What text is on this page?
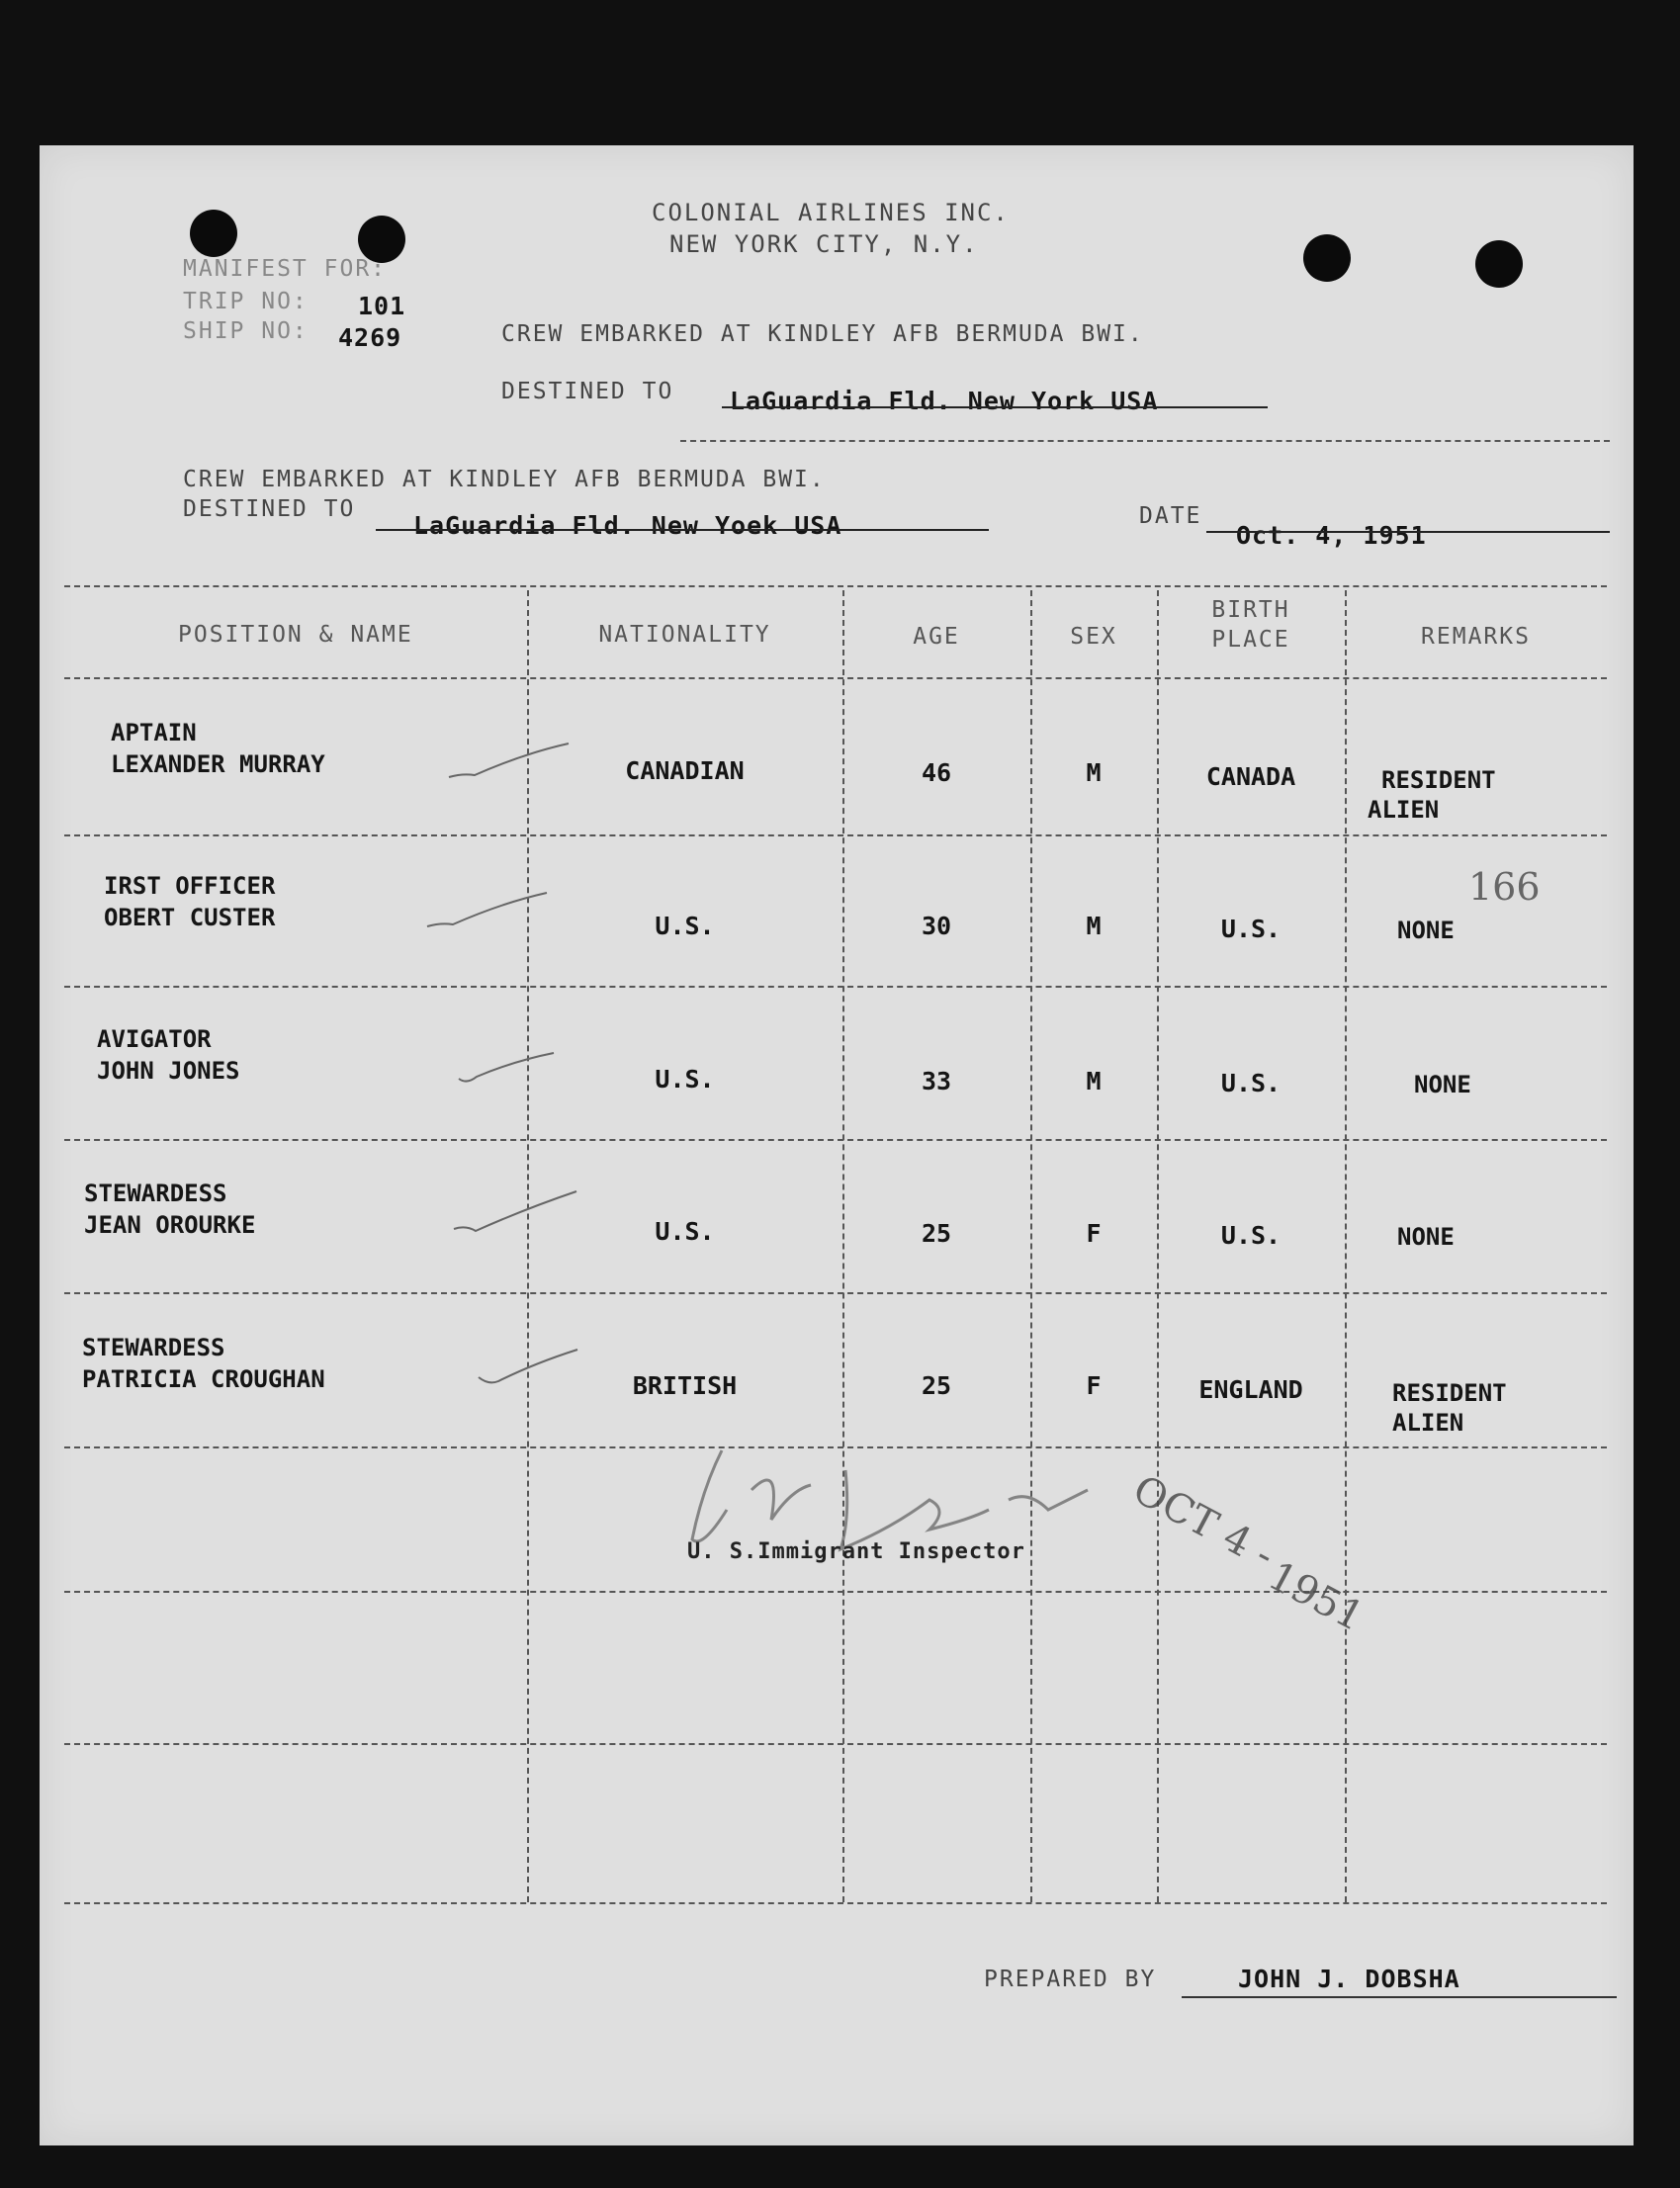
COLONIAL AIRLINES INC.
NEW YORK CITY, N.Y.
MANIFEST FOR:
TRIP NO: 101
SHIP NO: 4269	CREW EMBARKED AT KINDLEY AFB BERMUDA BWI.
DESTINED TO LaGuardia Fld. New York USA
CREW EMBARKED AT KINDLEY AFB BERMUDA BWI.
DESTINED TO
LaGuardia Fld. New Yoek USA	DATE
Oct. 4, 1951
POSITION & NAME	NATIONALITY	AGE	SEX
BIRTH
PLACE	REMARKS
APTAIN
LEXANDER MURRAY	CANADIAN	46	M	CANADA	RESIDENT
ALIEN
IRST OFFICER
OBERT CUSTER	U.S.	30	M	U.S.	NONE
AVIGATOR
JOHN JONES	U.S.	33	M	U.S.	NONE
STEWARDESS
JEAN OROURKE	U.S.	25	F	U.S.	NONE
STEWARDESS
PATRICIA CROUGHAN	BRITISH	25	F	ENGLAND	RESIDENT
ALIEN
166
U. S.Immigrant Inspector	OCT 4 -
1951
PREPARED BY	JOHN J. DOBSHA
